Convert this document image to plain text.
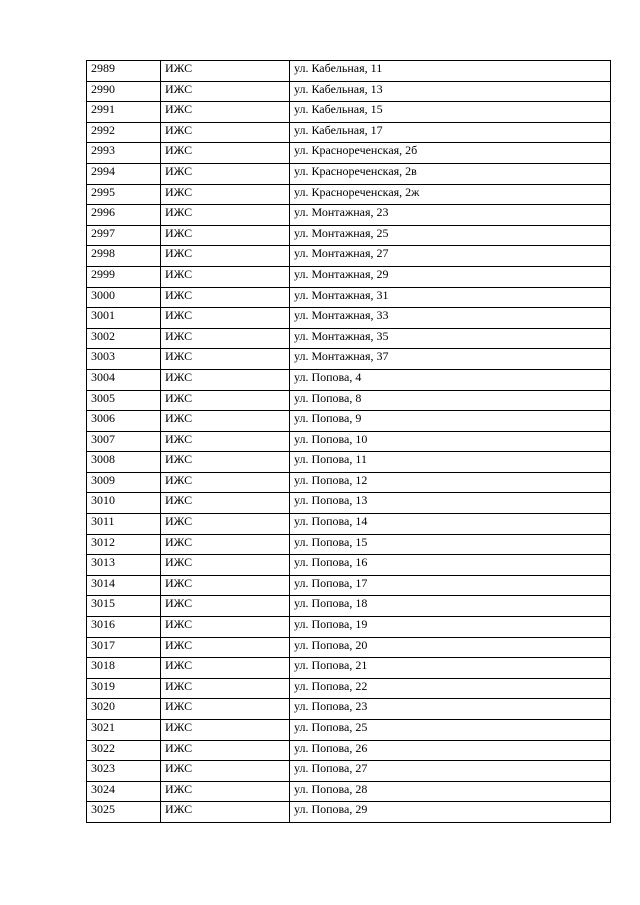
2989	ИЖС	ул. Кабельная, 11
2990	ИЖС	ул. Кабельная, 13
2991	ИЖС	ул. Кабельная, 15
2992	ИЖС	ул. Кабельная, 17
2993	ИЖС	ул. Краснореченская, 2б
2994	ИЖС	ул. Краснореченская, 2в
2995	ИЖС	ул. Краснореченская, 2ж
2996	ИЖС	ул. Монтажная, 23
2997	ИЖС	ул. Монтажная, 25
2998	ИЖС	ул. Монтажная, 27
2999	ИЖС	ул. Монтажная, 29
3000	ИЖС	ул. Монтажная, 31
3001	ИЖС	ул. Монтажная, 33
3002	ИЖС	ул. Монтажная, 35
3003	ИЖС	ул. Монтажная, 37
3004	ИЖС	ул. Попова, 4
3005	ИЖС	ул. Попова, 8
3006	ИЖС	ул. Попова, 9
3007	ИЖС	ул. Попова, 10
3008	ИЖС	ул. Попова, 11
3009	ИЖС	ул. Попова, 12
3010	ИЖС	ул. Попова, 13
3011	ИЖС	ул. Попова, 14
3012	ИЖС	ул. Попова, 15
3013	ИЖС	ул. Попова, 16
3014	ИЖС	ул. Попова, 17
3015	ИЖС	ул. Попова, 18
3016	ИЖС	ул. Попова, 19
3017	ИЖС	ул. Попова, 20
3018	ИЖС	ул. Попова, 21
3019	ИЖС	ул. Попова, 22
3020	ИЖС	ул. Попова, 23
3021	ИЖС	ул. Попова, 25
3022	ИЖС	ул. Попова, 26
3023	ИЖС	ул. Попова, 27
3024	ИЖС	ул. Попова, 28
3025	ИЖС	ул. Попова, 29
